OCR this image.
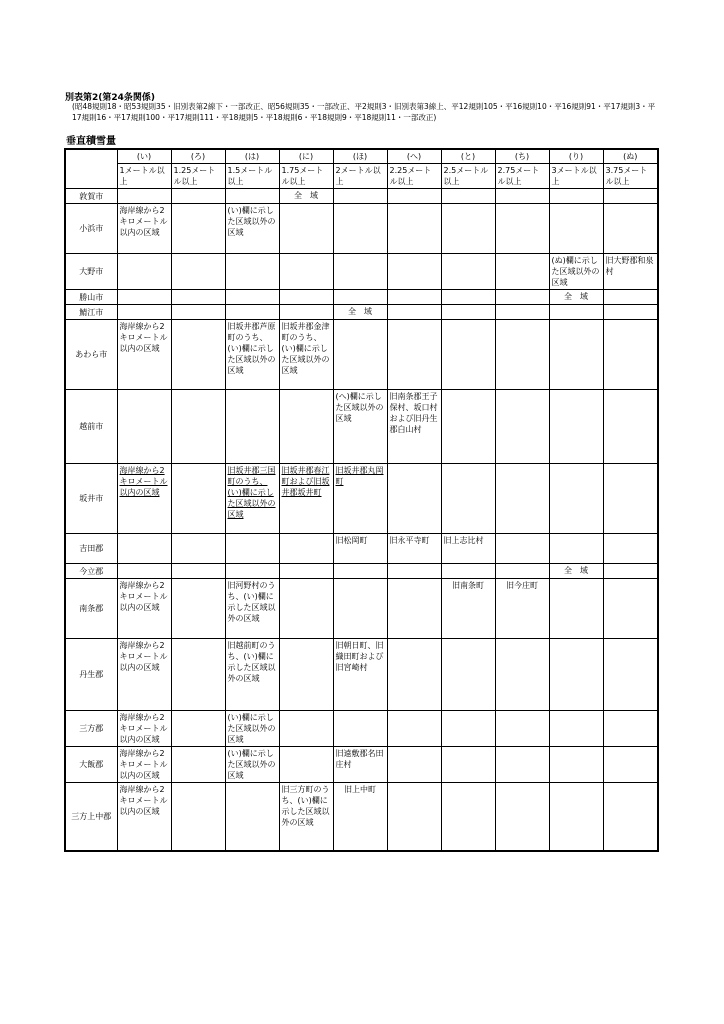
別表第2(第24条関係)
(昭48規則18・昭53規則35・旧別表第2線下・一部改正、昭56規則35・一部改正、平2規則3・旧別表第3線上、平12規則105・平16規則10・平16規則91・平17規則3・平17規則16・平17規則100・平17規則111・平18規則5・平18規則6・平18規則9・平18規則11・一部改正)
垂直積雪量
	(い)	(ろ)	(は)	(に)	(ほ)	(へ)	(と)	(ち)	(り)	(ぬ)
	1メートル以上	1.25メートル以上	1.5メートル以上	1.75メートル以上	2メートル以上	2.25メートル以上	2.5メートル以上	2.75メートル以上	3メートル以上	3.75メートル以上
敦賀市				全　域						
小浜市	海岸線から2キロメートル以内の区域		(い)欄に示した区域以外の区域							
大野市									(ぬ)欄に示した区域以外の区域	旧大野郡和泉村
勝山市									全　域	
鯖江市					全　域					
あわら市	海岸線から2キロメートル以内の区域		旧坂井郡芦原町のうち、(い)欄に示した区域以外の区域	旧坂井郡金津町のうち、(い)欄に示した区域以外の区域						
越前市					(へ)欄に示した区域以外の区域	旧南条郡王子保村、坂口村および旧丹生郡白山村				
坂井市	海岸線から2キロメートル以内の区域		旧坂井郡三国町のうち、(い)欄に示した区域以外の区域	旧坂井郡春江町および旧坂井郡坂井町	旧坂井郡丸岡町					
吉田郡					旧松岡町	旧永平寺町	旧上志比村			
今立郡									全　域	
南条郡	海岸線から2キロメートル以内の区域		旧河野村のうち、(い)欄に示した区域以外の区域				旧南条町	旧今庄町		
丹生郡	海岸線から2キロメートル以内の区域		旧越前町のうち、(い)欄に示した区域以外の区域		旧朝日町、旧織田町および旧宮崎村					
三方郡	海岸線から2キロメートル以内の区域		(い)欄に示した区域以外の区域							
大飯郡	海岸線から2キロメートル以内の区域		(い)欄に示した区域以外の区域		旧遠敷郡名田庄村					
三方上中郡	海岸線から2キロメートル以内の区域			旧三方町のうち、(い)欄に示した区域以外の区域	旧上中町					
